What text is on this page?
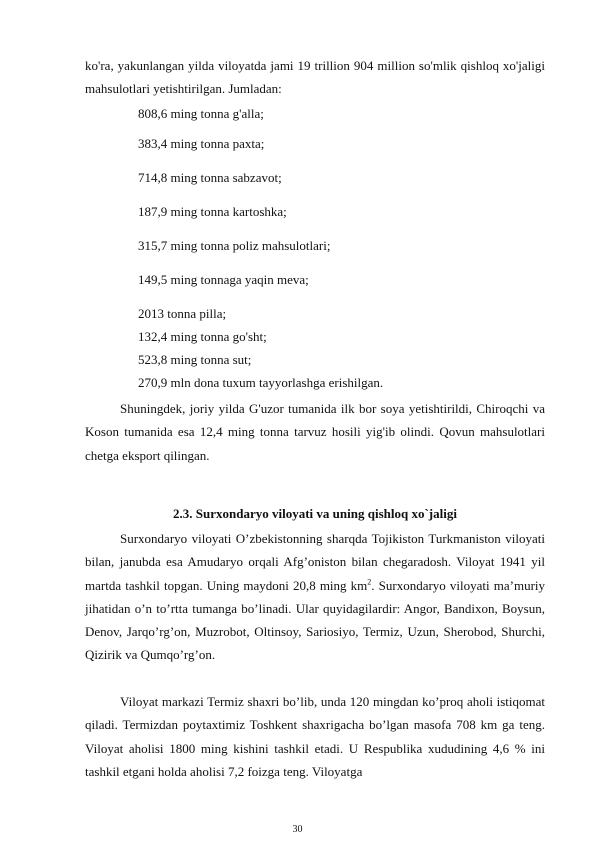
ko'ra, yakunlangan yilda viloyatda jami 19 trillion 904 million so'mlik qishloq xo'jaligi mahsulotlari yetishtirilgan. Jumladan:

808,6 ming tonna g'alla;
383,4 ming tonna paxta;
714,8 ming tonna sabzavot;
187,9 ming tonna kartoshka;
315,7 ming tonna poliz mahsulotlari;
149,5 ming tonnaga yaqin meva;
2013 tonna pilla;
132,4 ming tonna go'sht;
523,8 ming tonna sut;
270,9 mln dona tuxum tayyorlashga erishilgan.

Shuningdek, joriy yilda G'uzor tumanida ilk bor soya yetishtirildi, Chiroqchi va Koson tumanida esa 12,4 ming tonna tarvuz hosili yig'ib olindi. Qovun mahsulotlari chetga eksport qilingan.

2.3. Surxondaryo viloyati va uning qishloq xo`jaligi

Surxondaryo viloyati O’zbekistonning sharqda Tojikiston Turkmaniston viloyati bilan, janubda esa Amudaryo orqali Afg’oniston bilan chegaradosh. Viloyat 1941 yil martda tashkil topgan. Uning maydoni 20,8 ming $km^2$. Surxondaryo viloyati ma’muriy jihatidan o’n to’rtta tumanga bo’linadi. Ular quyidagilardir: Angor, Bandixon, Boysun, Denov, Jarqo’rg’on, Muzrobot, Oltinsoy, Sariosiyo, Termiz, Uzun, Sherobod, Shurchi, Qizirik va Qumqo’rg’on.

Viloyat markazi Termiz shaxri bo’lib, unda 120 mingdan ko’proq aholi istiqomat qiladi. Termizdan poytaxtimiz Toshkent shaxrigacha bo’lgan masofa 708 km ga teng. Viloyat aholisi 1800 ming kishini tashkil etadi. U Respublika xududining 4,6 % ini tashkil etgani holda aholisi 7,2 foizga teng. Viloyatga

30
